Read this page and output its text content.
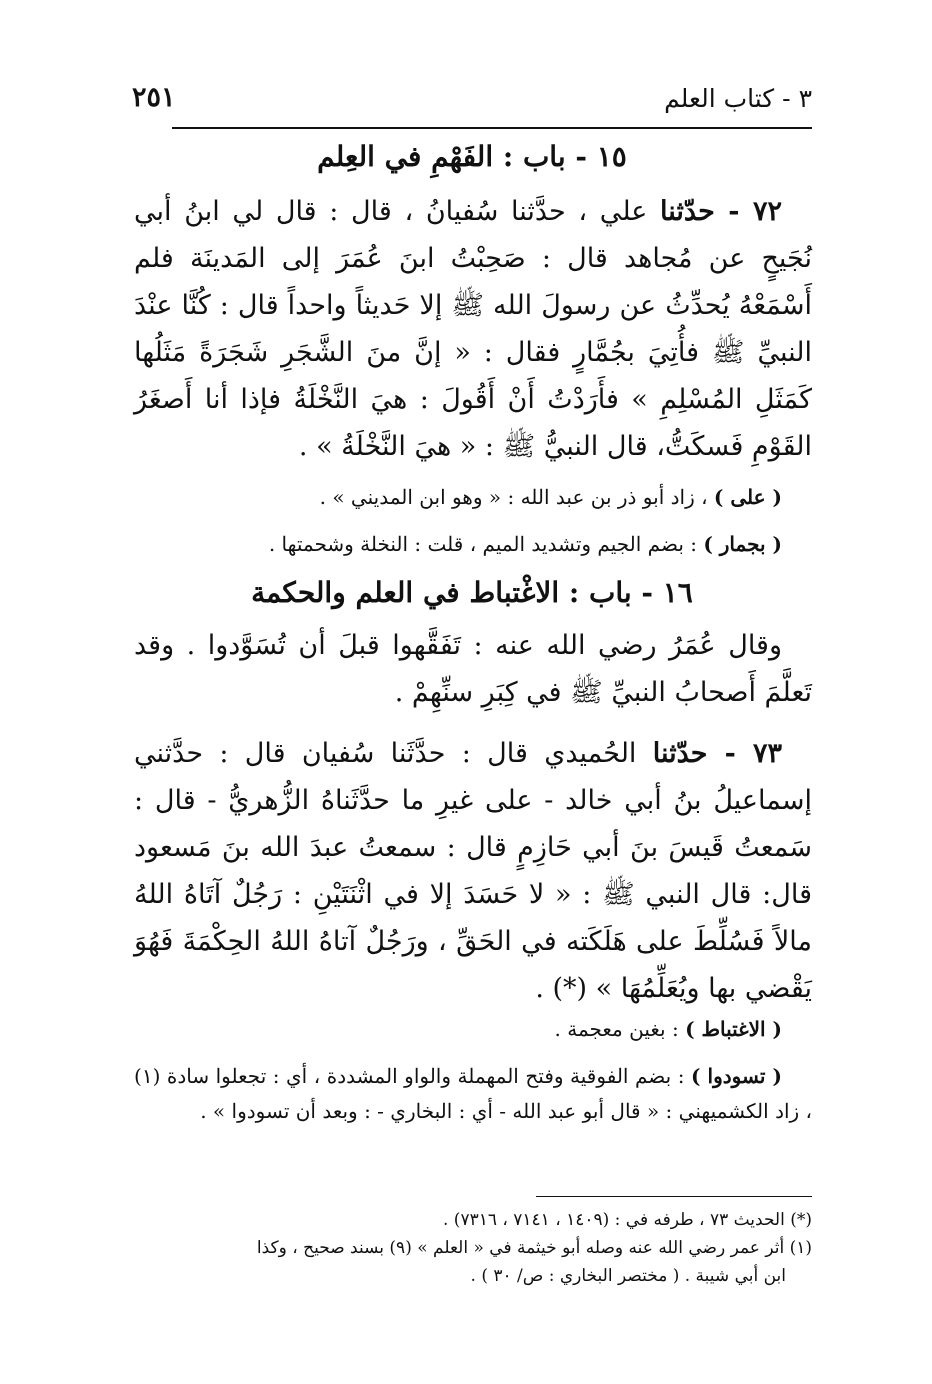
٣ - كتاب العلم
٢٥١
١٥ - باب : الفَهْمِ في العِلم

٧٢ - حدّثنا علي ، حدَّثنا سُفيانُ ، قال : قال لي ابنُ أبي نُجَيحٍ عن مُجاهد قال : صَحِبْتُ ابنَ عُمَرَ إلى المَدينَة فلم أَسْمَعْهُ يُحدِّثُ عن رسولَ الله ﷺ إلا حَديثاً واحداً قال : كُنَّا عنْدَ النبيِّ ﷺ فأُتِيَ بجُمَّارٍ فقال : « إنَّ منَ الشَّجَرِ شَجَرَةً مَثَلُها كَمَثَلِ المُسْلِمِ » فأَرَدْتُ أَنْ أَقُولَ : هيَ النَّخْلَةُ فإذا أنا أَصغَرُ القَوْمِ فَسكَتُّ، قال النبيُّ ﷺ : « هيَ النَّخْلَةُ » .

( على ) ، زاد أبو ذر بن عبد الله : « وهو ابن المديني » .

( بجمار ) : بضم الجيم وتشديد الميم ، قلت : النخلة وشحمتها .

١٦ - باب : الاغْتباط في العلم والحكمة

وقال عُمَرُ رضي الله عنه : تَفَقَّهوا قبلَ أن تُسَوَّدوا . وقد تَعلَّمَ أَصحابُ النبيِّ ﷺ في كِبَرِ سنِّهِمْ .

٧٣ - حدّثنا الحُميدي قال : حدَّثَنا سُفيان قال : حدَّثني إسماعيلُ بنُ أبي خالد - على غيرِ ما حدَّثَناهُ الزُّهريُّ - قال : سَمعتُ قَيسَ بنَ أبي حَازِمٍ قال : سمعتُ عبدَ الله بنَ مَسعود قال: قال النبي ﷺ : « لا حَسَدَ إلا في اثْنَتَيْنِ : رَجُلٌ آتَاهُ اللهُ مالاً فَسُلِّطَ على هَلَكَته في الحَقِّ ، ورَجُلٌ آتاهُ اللهُ الحِكْمَةَ فَهُوَ يَقْضي بها ويُعَلِّمُهَا » (*) .

( الاغتباط ) : بغين معجمة .

( تسودوا ) : بضم الفوقية وفتح المهملة والواو المشددة ، أي : تجعلوا سادة (١) ، زاد الكشميهني : « قال أبو عبد الله - أي : البخاري - : وبعد أن تسودوا » .

(*) الحديث ٧٣ ، طرفه في : (١٤٠٩ ، ٧١٤١ ، ٧٣١٦) .

(١) أثر عمر رضي الله عنه وصله أبو خيثمة في « العلم » (٩) بسند صحيح ، وكذا
ابن أبي شيبة . ( مختصر البخاري : ص/ ٣٠ ) .
